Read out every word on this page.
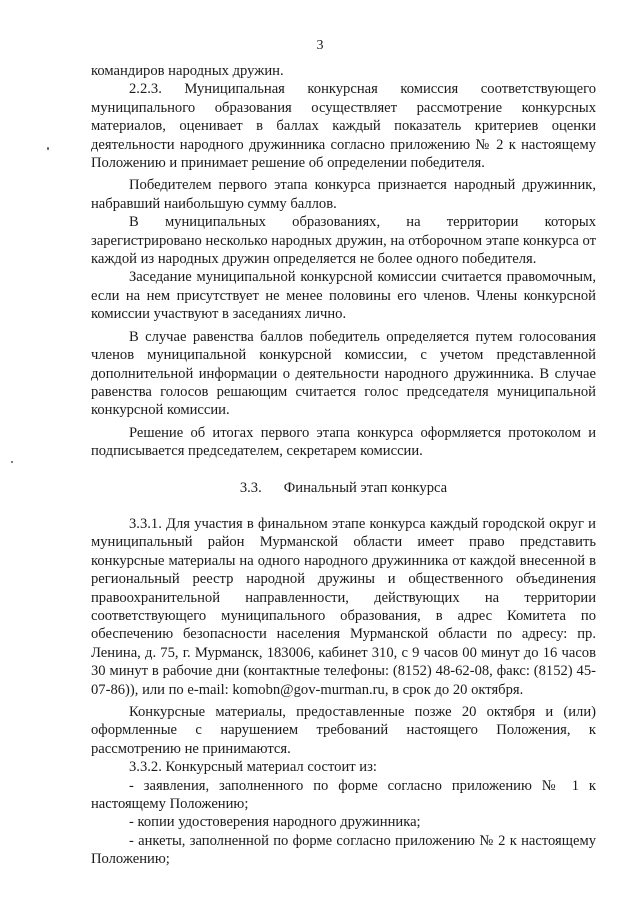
3

командиров народных дружин.

2.2.3. Муниципальная конкурсная комиссия соответствующего муниципального образования осуществляет рассмотрение конкурсных материалов, оценивает в баллах каждый показатель критериев оценки деятельности народного дружинника согласно приложению № 2 к настоящему Положению и принимает решение об определении победителя.

Победителем первого этапа конкурса признается народный дружинник, набравший наибольшую сумму баллов.

В муниципальных образованиях, на территории которых зарегистрировано несколько народных дружин, на отборочном этапе конкурса от каждой из народных дружин определяется не более одного победителя.

Заседание муниципальной конкурсной комиссии считается правомочным, если на нем присутствует не менее половины его членов. Члены конкурсной комиссии участвуют в заседаниях лично.

В случае равенства баллов победитель определяется путем голосования членов муниципальной конкурсной комиссии, с учетом представленной дополнительной информации о деятельности народного дружинника. В случае равенства голосов решающим считается голос председателя муниципальной конкурсной комиссии.

Решение об итогах первого этапа конкурса оформляется протоколом и подписывается председателем, секретарем комиссии.

3.3. Финальный этап конкурса

3.3.1. Для участия в финальном этапе конкурса каждый городской округ и муниципальный район Мурманской области имеет право представить конкурсные материалы на одного народного дружинника от каждой внесенной в региональный реестр народной дружины и общественного объединения правоохранительной направленности, действующих на территории соответствующего муниципального образования, в адрес Комитета по обеспечению безопасности населения Мурманской области по адресу: пр. Ленина, д. 75, г. Мурманск, 183006, кабинет 310, с 9 часов 00 минут до 16 часов 30 минут в рабочие дни (контактные телефоны: (8152) 48-62-08, факс: (8152) 45-07-86)), или по e-mail: komobn@gov-murman.ru, в срок до 20 октября.

Конкурсные материалы, предоставленные позже 20 октября и (или) оформленные с нарушением требований настоящего Положения, к рассмотрению не принимаются.

3.3.2. Конкурсный материал состоит из:

- заявления, заполненного по форме согласно приложению № 1 к настоящему Положению;

- копии удостоверения народного дружинника;

- анкеты, заполненной по форме согласно приложению № 2 к настоящему Положению;
